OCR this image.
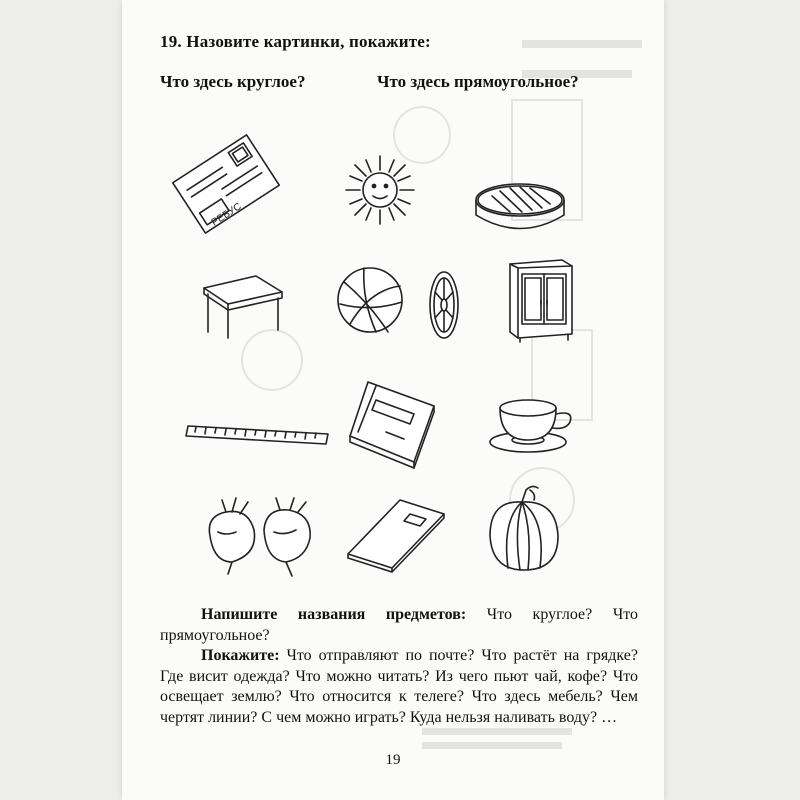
19. Назовите картинки, покажите:
Что здесь круглое?	Что здесь прямоугольное?
РЕБУС

Напишите названия предметов: Что круглое? Что прямоугольное?

Покажите: Что отправляют по почте? Что растёт на грядке? Где висит одежда? Что можно читать? Из чего пьют чай, кофе? Что освещает землю? Что относится к телеге? Что здесь мебель? Чем чертят линии? С чем можно играть? Куда нельзя наливать воду? …

19
